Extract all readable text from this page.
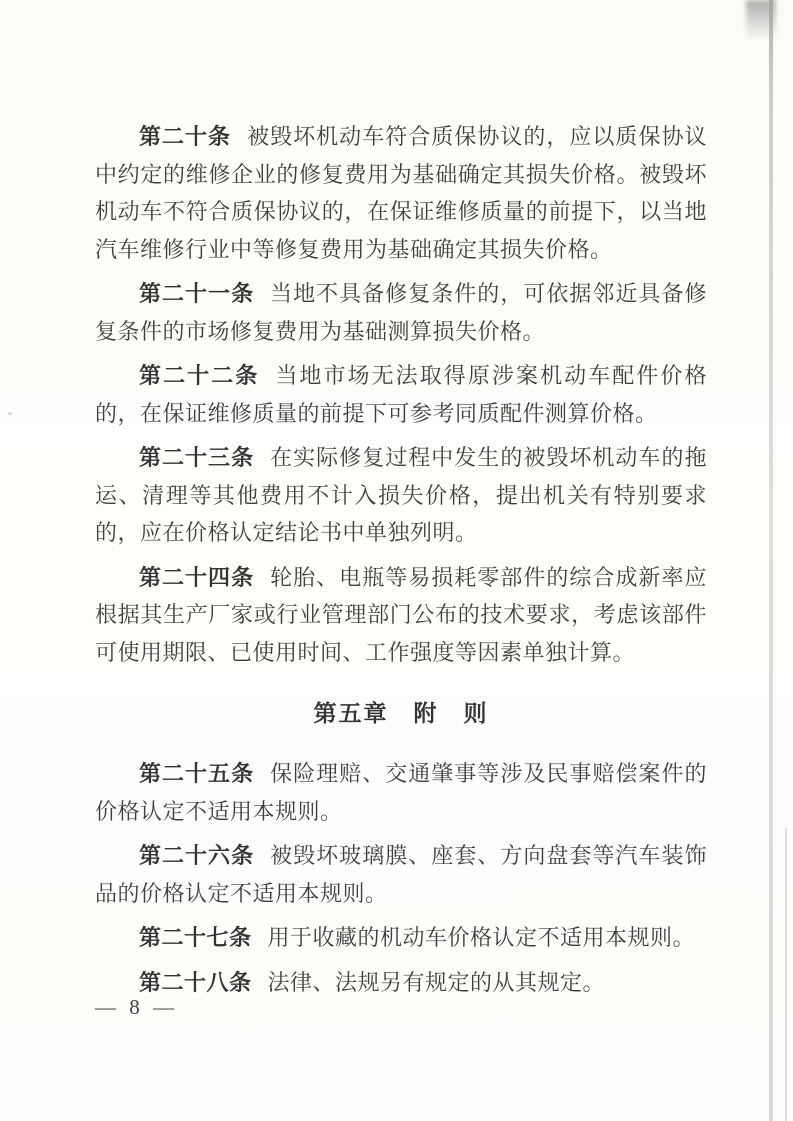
第二十条 被毁坏机动车符合质保协议的，应以质保协议中约定的维修企业的修复费用为基础确定其损失价格。被毁坏机动车不符合质保协议的，在保证维修质量的前提下，以当地汽车维修行业中等修复费用为基础确定其损失价格。

第二十一条 当地不具备修复条件的，可依据邻近具备修复条件的市场修复费用为基础测算损失价格。

第二十二条 当地市场无法取得原涉案机动车配件价格的，在保证维修质量的前提下可参考同质配件测算价格。

第二十三条 在实际修复过程中发生的被毁坏机动车的拖运、清理等其他费用不计入损失价格，提出机关有特别要求的，应在价格认定结论书中单独列明。

第二十四条 轮胎、电瓶等易损耗零部件的综合成新率应根据其生产厂家或行业管理部门公布的技术要求，考虑该部件可使用期限、已使用时间、工作强度等因素单独计算。

第五章　附　则

第二十五条 保险理赔、交通肇事等涉及民事赔偿案件的价格认定不适用本规则。

第二十六条 被毁坏玻璃膜、座套、方向盘套等汽车装饰品的价格认定不适用本规则。

第二十七条 用于收藏的机动车价格认定不适用本规则。

第二十八条 法律、法规另有规定的从其规定。

— 8 —
